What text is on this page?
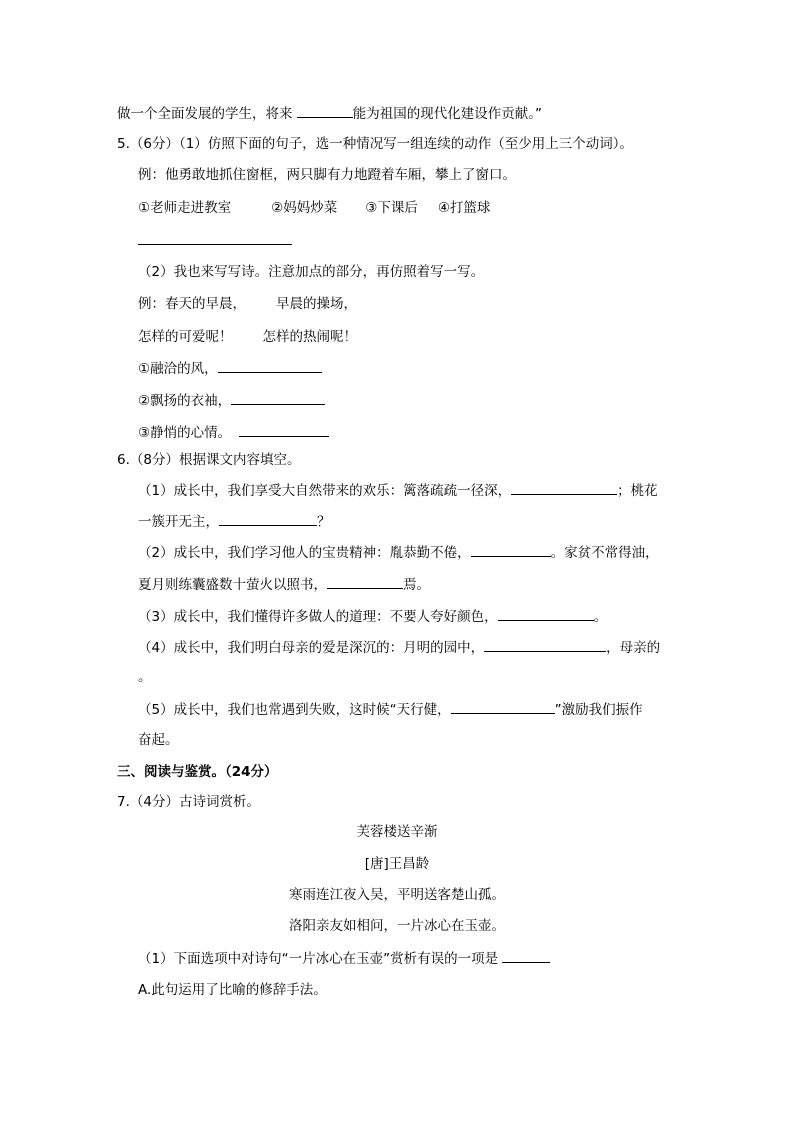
做一个全面发展的学生，将来	能为祖国的现代化建设作贡献。”
5.（6分）（1）仿照下面的句子，选一种情况写一组连续的动作（至少用上三个动词）。
例：他勇敢地抓住窗框，两只脚有力地蹬着车厢，攀上了窗口。
①老师走进教室	②妈妈炒菜 ③下课后 ④打篮球
（2）我也来写写诗。注意加点的部分，再仿照着写一写。
例：春天的早晨， 早晨的操场，
怎样的可爱呢！ 怎样的热闹呢！
①融洽的风，
②飘扬的衣袖，
③静悄的心情。
6.（8分）根据课文内容填空。
（1）成长中，我们享受大自然带来的欢乐：篱落疏疏一径深，	；桃花
一簇开无主，	？
（2）成长中，我们学习他人的宝贵精神：胤恭勤不倦，	。家贫不常得油，
夏月则练囊盛数十萤火以照书，	焉。
（3）成长中，我们懂得许多做人的道理：不要人夸好颜色，	。
（4）成长中，我们明白母亲的爱是深沉的：月明的园中，	，母亲的
。
（5）成长中，我们也常遇到失败，这时候“天行健，	”激励我们振作
奋起。
三、阅读与鉴赏。（24分）
7.（4分）古诗词赏析。
芙蓉楼送辛渐
[唐]王昌龄
寒雨连江夜入吴，平明送客楚山孤。
洛阳亲友如相问，一片冰心在玉壶。
（1）下面选项中对诗句“一片冰心在玉壶”赏析有误的一项是
A.此句运用了比喻的修辞手法。
